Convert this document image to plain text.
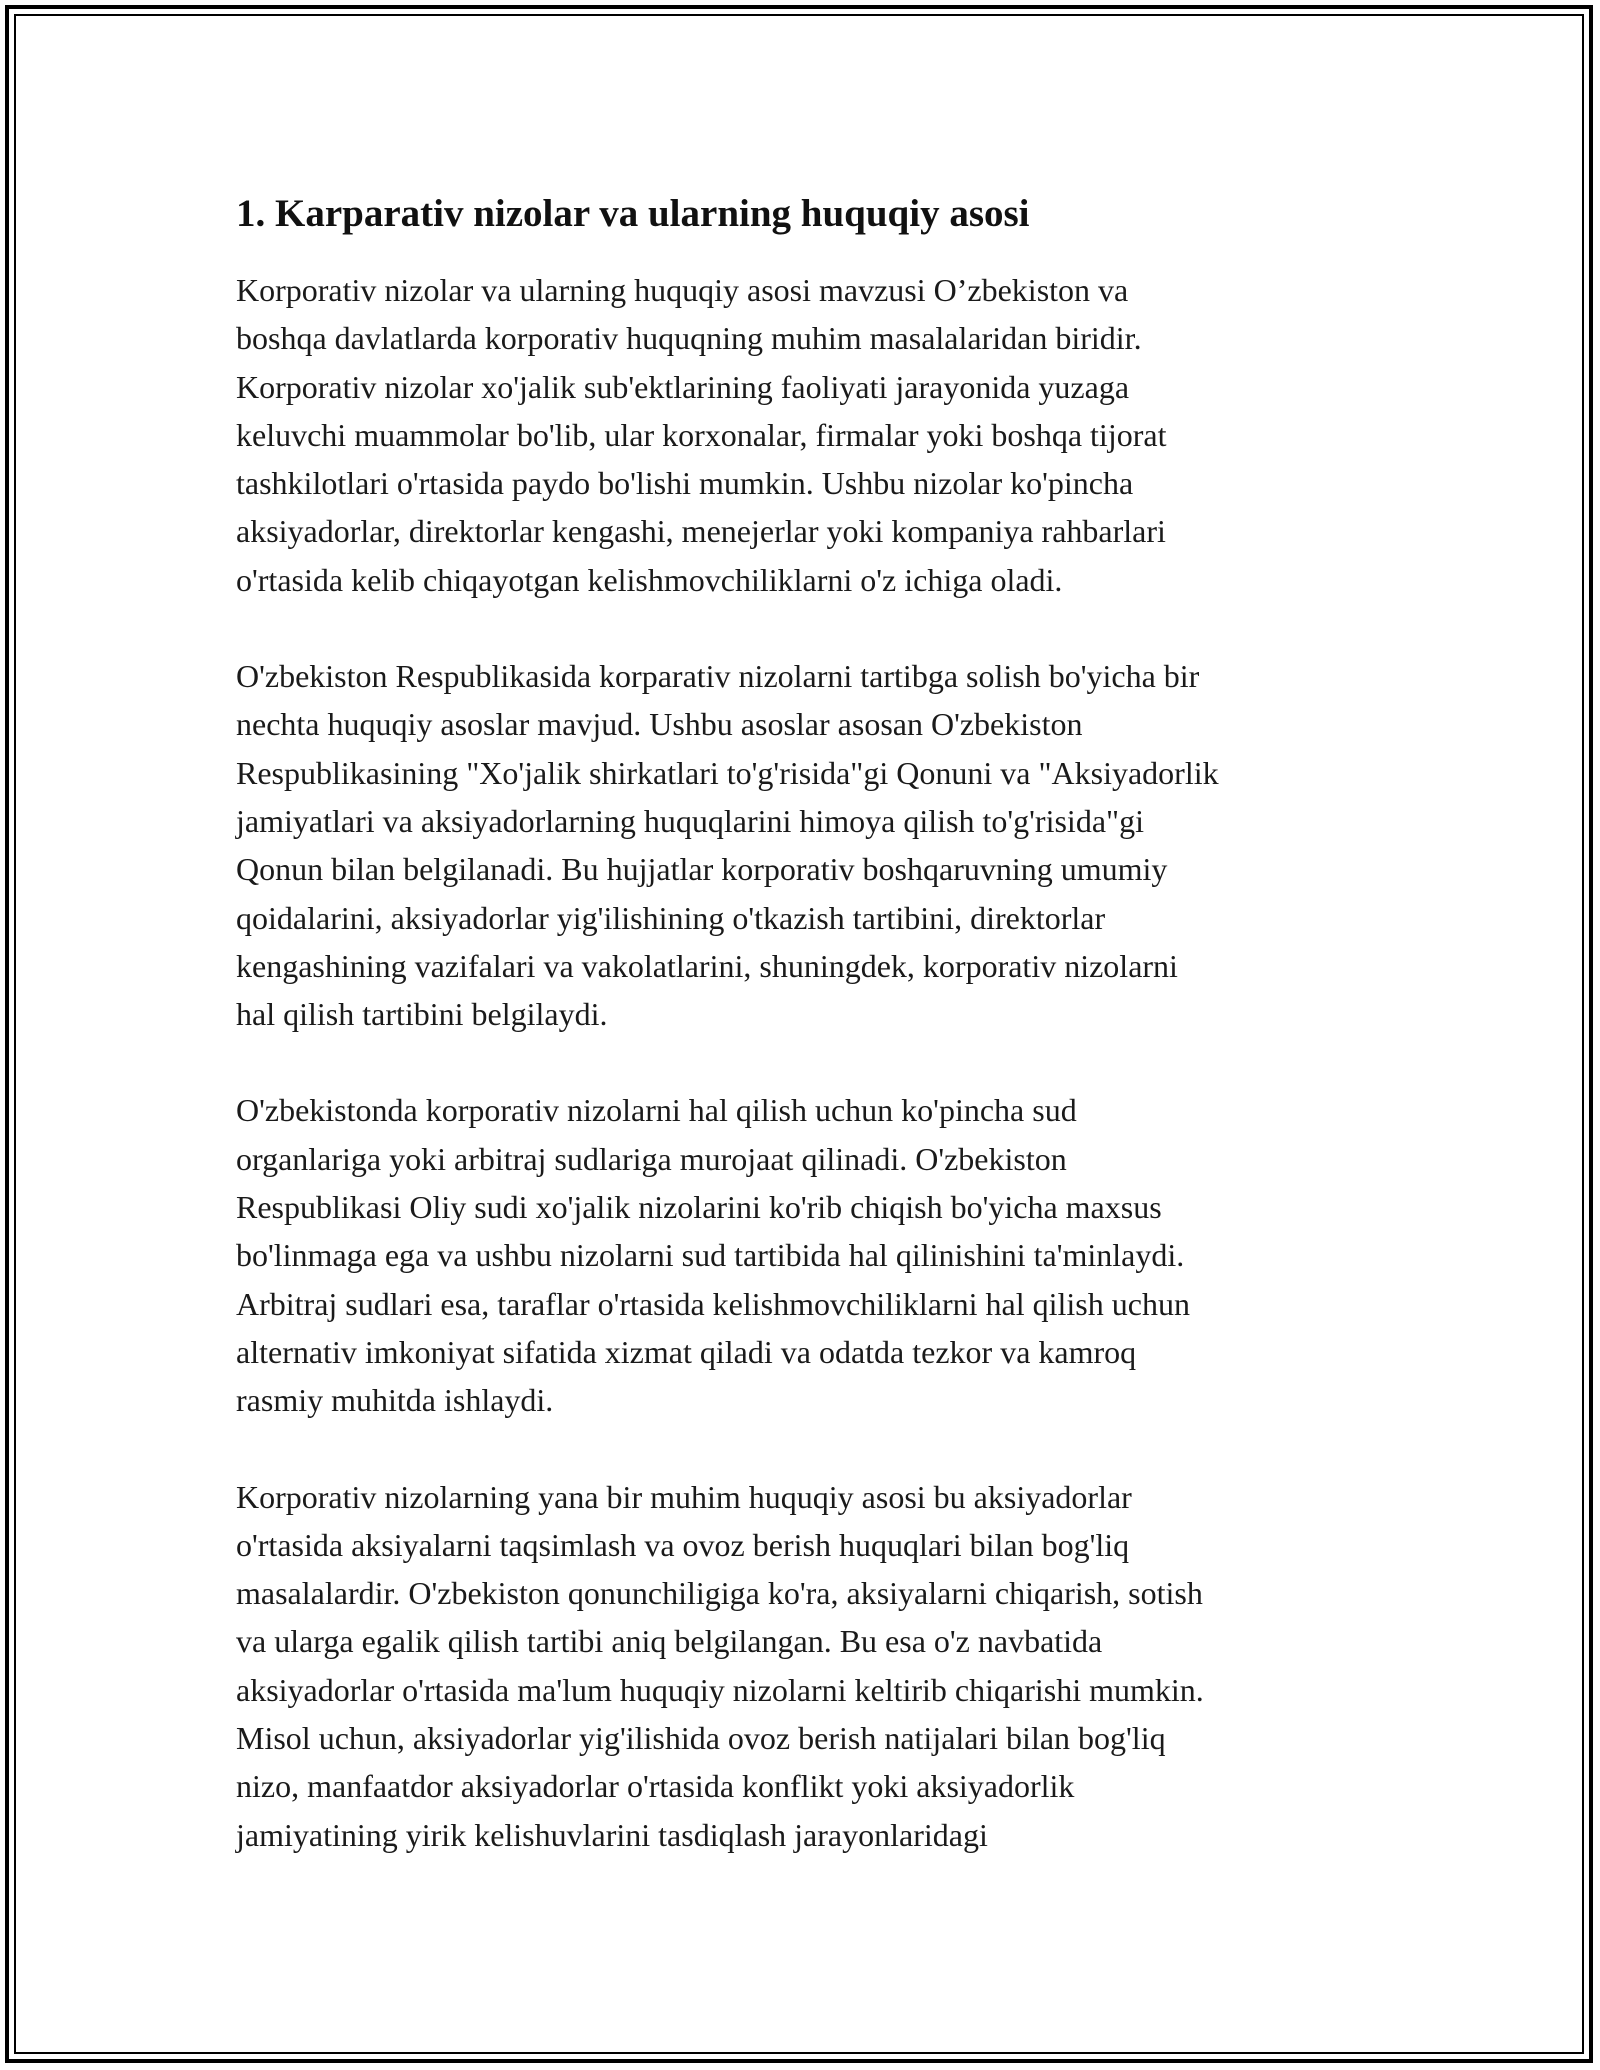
1. Karparativ nizolar va ularning huquqiy asosi

Korporativ nizolar va ularning huquqiy asosi mavzusi O’zbekiston va
boshqa davlatlarda korporativ huquqning muhim masalalaridan biridir.
Korporativ nizolar xo'jalik sub'ektlarining faoliyati jarayonida yuzaga
keluvchi muammolar bo'lib, ular korxonalar, firmalar yoki boshqa tijorat
tashkilotlari o'rtasida paydo bo'lishi mumkin. Ushbu nizolar ko'pincha
aksiyadorlar, direktorlar kengashi, menejerlar yoki kompaniya rahbarlari
o'rtasida kelib chiqayotgan kelishmovchiliklarni o'z ichiga oladi.

O'zbekiston Respublikasida korparativ nizolarni tartibga solish bo'yicha bir
nechta huquqiy asoslar mavjud. Ushbu asoslar asosan O'zbekiston
Respublikasining "Xo'jalik shirkatlari to'g'risida"gi Qonuni va "Aksiyadorlik
jamiyatlari va aksiyadorlarning huquqlarini himoya qilish to'g'risida"gi
Qonun bilan belgilanadi. Bu hujjatlar korporativ boshqaruvning umumiy
qoidalarini, aksiyadorlar yig'ilishining o'tkazish tartibini, direktorlar
kengashining vazifalari va vakolatlarini, shuningdek, korporativ nizolarni
hal qilish tartibini belgilaydi.

O'zbekistonda korporativ nizolarni hal qilish uchun ko'pincha sud
organlariga yoki arbitraj sudlariga murojaat qilinadi. O'zbekiston
Respublikasi Oliy sudi xo'jalik nizolarini ko'rib chiqish bo'yicha maxsus
bo'linmaga ega va ushbu nizolarni sud tartibida hal qilinishini ta'minlaydi.
Arbitraj sudlari esa, taraflar o'rtasida kelishmovchiliklarni hal qilish uchun
alternativ imkoniyat sifatida xizmat qiladi va odatda tezkor va kamroq
rasmiy muhitda ishlaydi.

Korporativ nizolarning yana bir muhim huquqiy asosi bu aksiyadorlar
o'rtasida aksiyalarni taqsimlash va ovoz berish huquqlari bilan bog'liq
masalalardir. O'zbekiston qonunchiligiga ko'ra, aksiyalarni chiqarish, sotish
va ularga egalik qilish tartibi aniq belgilangan. Bu esa o'z navbatida
aksiyadorlar o'rtasida ma'lum huquqiy nizolarni keltirib chiqarishi mumkin.
Misol uchun, aksiyadorlar yig'ilishida ovoz berish natijalari bilan bog'liq
nizo, manfaatdor aksiyadorlar o'rtasida konflikt yoki aksiyadorlik
jamiyatining yirik kelishuvlarini tasdiqlash jarayonlaridagi
